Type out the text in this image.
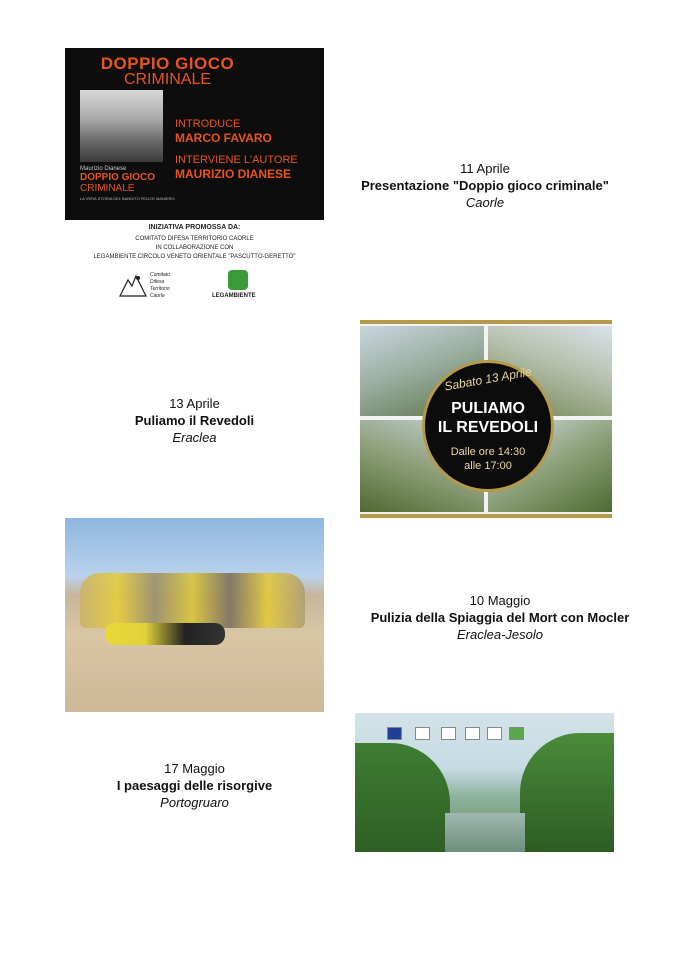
DOPPIO GIOCO
CRIMINALE
Maurizio Dianese
DOPPIO GIOCO
CRIMINALE
LA VERA STORIA DEL BANDITO FELICE MANIERO
INTRODUCE
MARCO FAVARO
INTERVIENE L'AUTORE
MAURIZIO DIANESE
INIZIATIVA PROMOSSA DA:
COMITATO DIFESA TERRITORIO CAORLE
IN COLLABORAZIONE CON
LEGAMBIENTE CIRCOLO VENETO ORIENTALE "PASCUTTO-GERETTO"
Comitato
Difesa
Territorio
Caorle	LEGAMBIENTE
11 Aprile
Presentazione "Doppio gioco criminale"
Caorle
13 Aprile
Puliamo il Revedoli
Eraclea
Sabato 13 Aprile
PULIAMO
IL REVEDOLI
Dalle ore 14:30
alle 17:00
10 Maggio
Pulizia della Spiaggia del Mort con Mocler
Eraclea-Jesolo
17 Maggio
I paesaggi delle risorgive
Portogruaro
